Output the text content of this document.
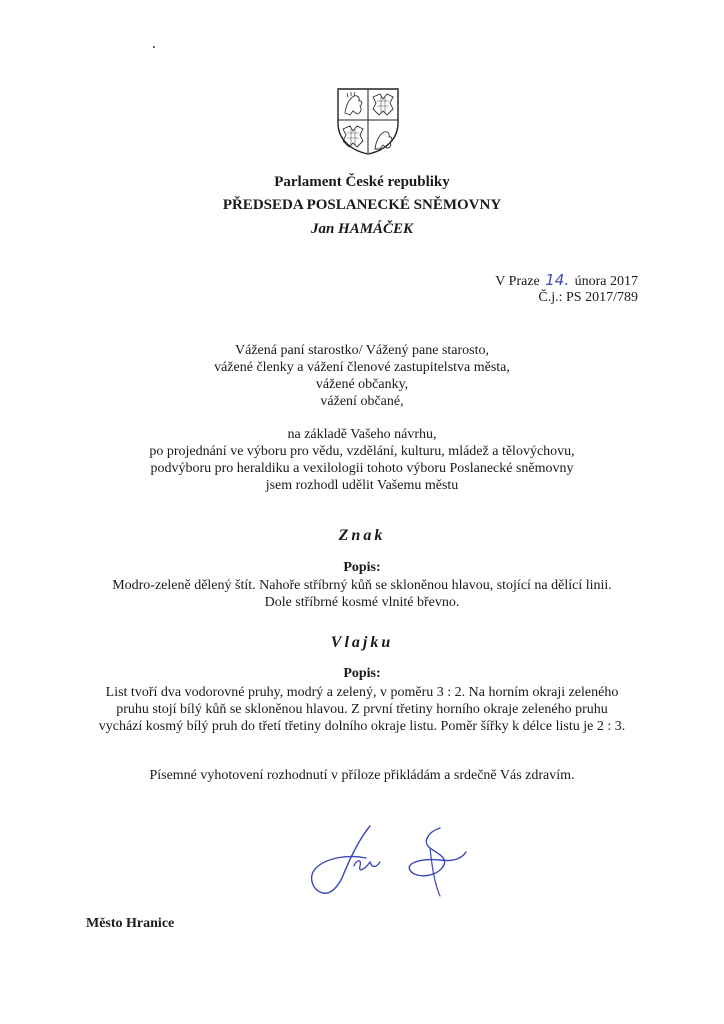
Parlament České republiky
PŘEDSEDA POSLANECKÉ SNĚMOVNY
Jan HAMÁČEK
V Praze 14. února 2017
Č.j.: PS 2017/789
Vážená paní starostko/ Vážený pane starosto,
vážené členky a vážení členové zastupitelstva města,
vážené občanky,
vážení občané,
na základě Vašeho návrhu,
po projednání ve výboru pro vědu, vzdělání, kulturu, mládež a tělovýchovu,
podvýboru pro heraldiku a vexilologii tohoto výboru Poslanecké sněmovny
jsem rozhodl udělit Vašemu městu
Znak
Popis:
Modro-zeleně dělený štít. Nahoře stříbrný kůň se skloněnou hlavou, stojící na dělící linii.
Dole stříbrné kosmé vlnité břevno.
Vlajku
Popis:
List tvoří dva vodorovné pruhy, modrý a zelený, v poměru 3 : 2. Na horním okraji zeleného
pruhu stojí bílý kůň se skloněnou hlavou. Z první třetiny horního okraje zeleného pruhu
vychází kosmý bílý pruh do třetí třetiny dolního okraje listu. Poměr šířky k délce listu je 2 : 3.
Písemné vyhotovení rozhodnutí v příloze přikládám a srdečně Vás zdravím.
Město Hranice
